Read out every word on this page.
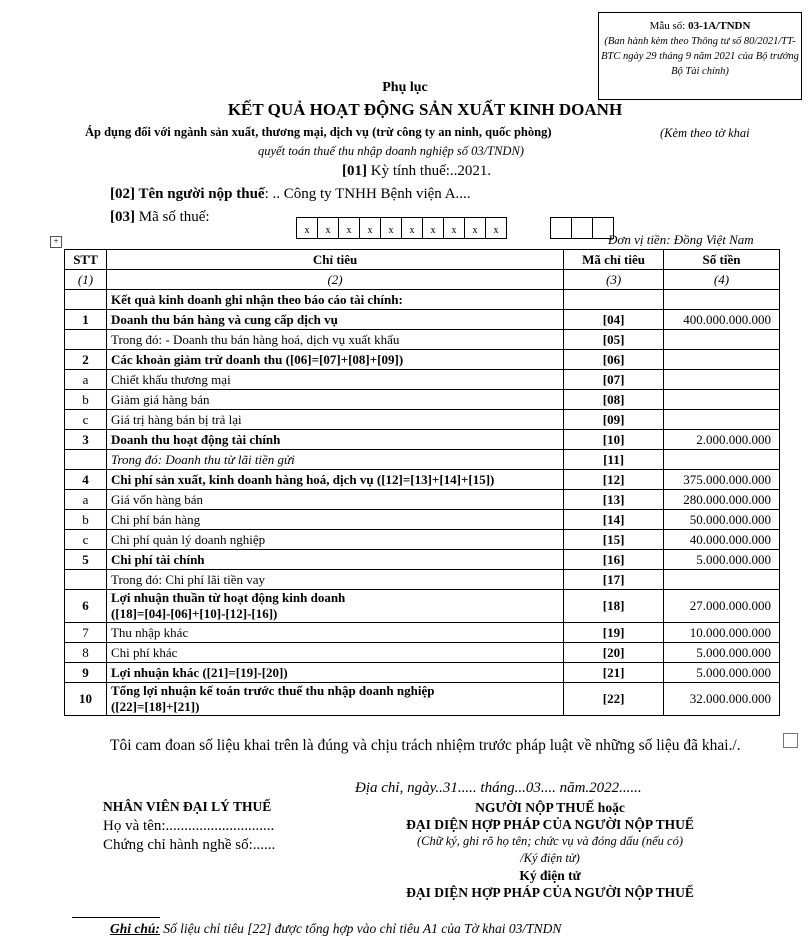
Mẫu số: 03-1A/TNDN
(Ban hành kèm theo Thông tư số 80/2021/TT-BTC ngày 29 tháng 9 năm 2021 của Bộ trưởng Bộ Tài chính)
Phụ lục
KẾT QUẢ HOẠT ĐỘNG SẢN XUẤT KINH DOANH
Áp dụng đối với ngành sản xuất, thương mại, dịch vụ (trừ công ty an ninh, quốc phòng)	(Kèm theo tờ khai
quyết toán thuế thu nhập doanh nghiệp số 03/TNDN)
[01] Kỳ tính thuế:..2021.
[02] Tên người nộp thuế: .. Công ty TNHH Bệnh viện A....
[03] Mã số thuế:
x x x x x x x x x x
Đơn vị tiền: Đồng Việt Nam
+
STT	Chỉ tiêu	Mã chỉ tiêu	Số tiền
(1)	(2)	(3)	(4)

	Kết quả kinh doanh ghi nhận theo báo cáo tài chính:		

1	Doanh thu bán hàng và cung cấp dịch vụ	[04]	400.000.000.000

	Trong đó: - Doanh thu bán hàng hoá, dịch vụ xuất khẩu	[05]	
2	Các khoản giảm trừ doanh thu ([06]=[07]+[08]+[09])	[06]	
a	Chiết khấu thương mại	[07]	
b	Giảm giá hàng bán	[08]	
c	Giá trị hàng bán bị trả lại	[09]	
3	Doanh thu hoạt động tài chính	[10]	2.000.000.000

	Trong đó: Doanh thu từ lãi tiền gửi	[11]	
4	Chi phí sản xuất, kinh doanh hàng hoá, dịch vụ ([12]=[13]+[14]+[15])	[12]	375.000.000.000
a	Giá vốn hàng bán	[13]	280.000.000.000
b	Chi phí bán hàng	[14]	50.000.000.000
c	Chi phí quản lý doanh nghiệp	[15]	40.000.000.000
5	Chi phí tài chính	[16]	5.000.000.000

	Trong đó: Chi phí lãi tiền vay	[17]	
6	Lợi nhuận thuần từ hoạt động kinh doanh
([18]=[04]-[06]+[10]-[12]-[16])	[18]	27.000.000.000
7	Thu nhập khác	[19]	10.000.000.000
8	Chi phí khác	[20]	5.000.000.000
9	Lợi nhuận khác ([21]=[19]-[20])	[21]	5.000.000.000
10	Tổng lợi nhuận kế toán trước thuế thu nhập doanh nghiệp
([22]=[18]+[21])	[22]	32.000.000.000
Tôi cam đoan số liệu khai trên là đúng và chịu trách nhiệm trước pháp luật về những số liệu đã khai./.
Địa chỉ, ngày..31..... tháng...03.... năm.2022......
NHÂN VIÊN ĐẠI LÝ THUẾ
Họ và tên:.............................
Chứng chỉ hành nghề số:......
NGƯỜI NỘP THUẾ hoặc
ĐẠI DIỆN HỢP PHÁP CỦA NGƯỜI NỘP THUẾ
(Chữ ký, ghi rõ họ tên; chức vụ và đóng dấu (nếu có)
/Ký điện tử)
Ký điện tử
ĐẠI DIỆN HỢP PHÁP CỦA NGƯỜI NỘP THUẾ
Ghi chú: Số liệu chỉ tiêu [22] được tổng hợp vào chỉ tiêu A1 của Tờ khai 03/TNDN
